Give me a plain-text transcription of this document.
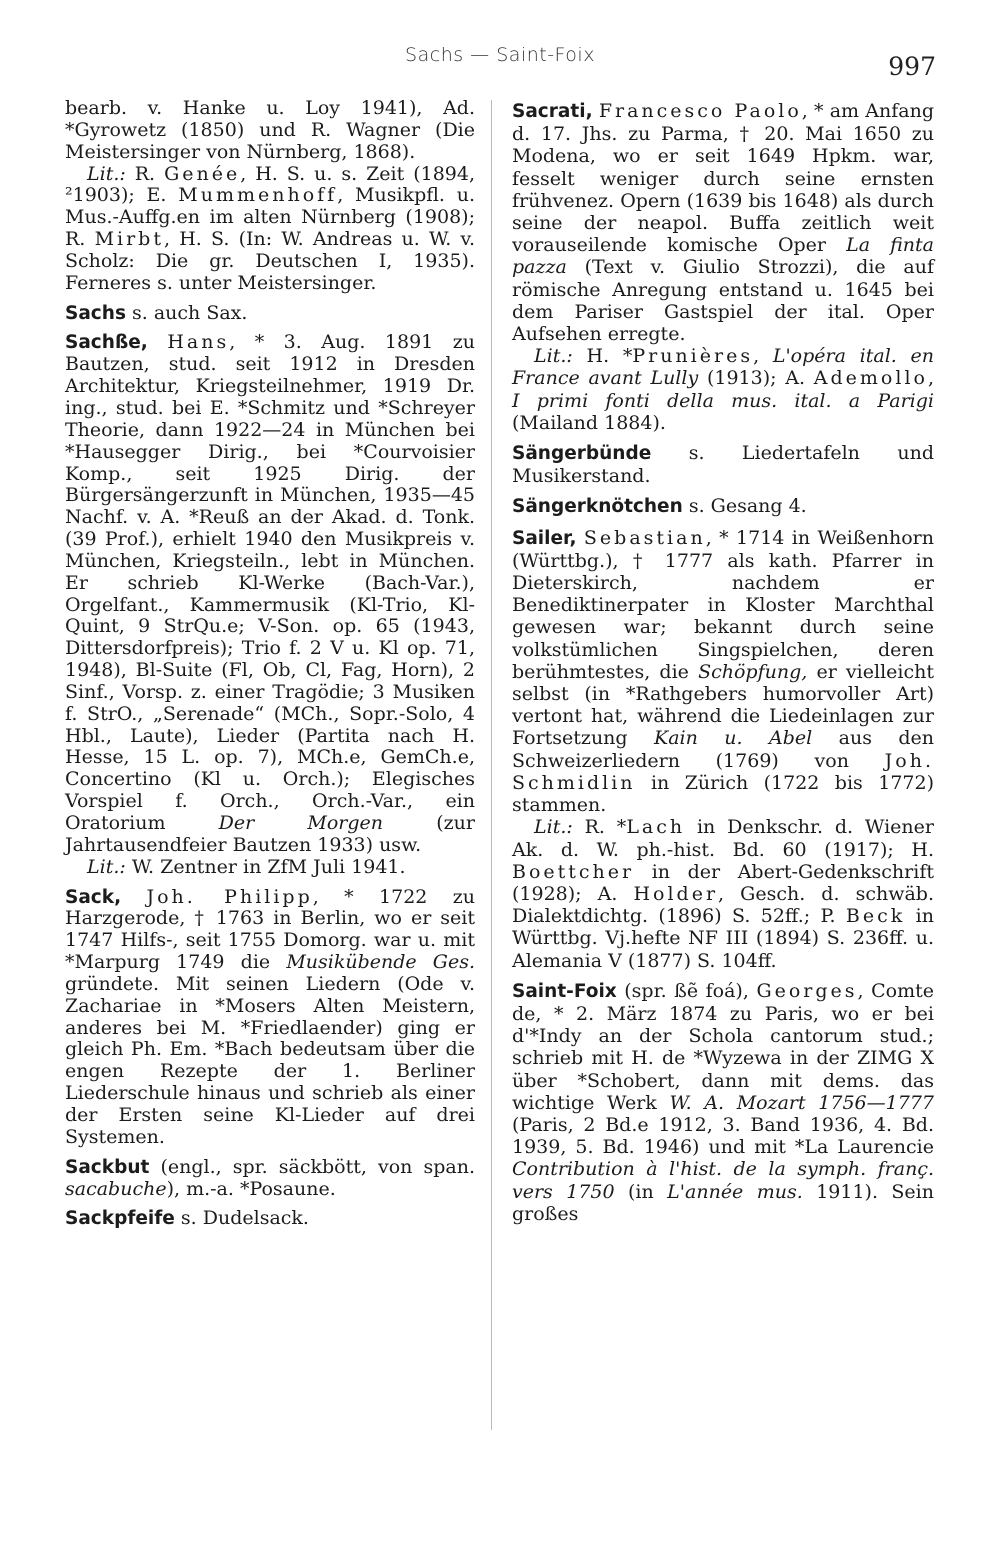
Sachs — Saint-Foix	997

bearb. v. Hanke u. Loy 1941), Ad. *Gyrowetz (1850) und R. Wagner (Die Meistersinger von Nürnberg, 1868).

Lit.: R. Genée, H. S. u. s. Zeit (1894, ²1903); E. Mummenhoff, Musikpfl. u. Mus.-Auffg.en im alten Nürnberg (1908); R. Mirbt, H. S. (In: W. Andreas u. W. v. Scholz: Die gr. Deutschen I, 1935). Ferneres s. unter Meistersinger.

Sachs s. auch Sax.

Sachße, Hans, * 3. Aug. 1891 zu Bautzen, stud. seit 1912 in Dresden Architektur, Kriegsteilnehmer, 1919 Dr. ing., stud. bei E. *Schmitz und *Schreyer Theorie, dann 1922—24 in München bei *Hausegger Dirig., bei *Courvoisier Komp., seit 1925 Dirig. der Bürgersängerzunft in München, 1935—45 Nachf. v. A. *Reuß an der Akad. d. Tonk. (39 Prof.), erhielt 1940 den Musikpreis v. München, Kriegsteiln., lebt in München. Er schrieb Kl-Werke (Bach-Var.), Orgelfant., Kammermusik (Kl-Trio, Kl-Quint, 9 StrQu.e; V-Son. op. 65 (1943, Dittersdorfpreis); Trio f. 2 V u. Kl op. 71, 1948), Bl-Suite (Fl, Ob, Cl, Fag, Horn), 2 Sinf., Vorsp. z. einer Tragödie; 3 Musiken f. StrO., „Serenade“ (MCh., Sopr.-Solo, 4 Hbl., Laute), Lieder (Partita nach H. Hesse, 15 L. op. 7), MCh.e, GemCh.e, Concertino (Kl u. Orch.); Elegisches Vorspiel f. Orch., Orch.-Var., ein Oratorium	Der Morgen	(zur Jahrtausendfeier Bautzen 1933) usw.

Lit.: W. Zentner in ZfM Juli 1941.

Sack, Joh. Philipp, * 1722 zu Harzgerode, † 1763 in Berlin, wo er seit 1747 Hilfs-, seit 1755 Domorg. war u. mit *Marpurg 1749 die Musikübende Ges. gründete. Mit seinen Liedern (Ode v. Zachariae in *Mosers Alten Meistern, anderes bei M. *Friedlaender) ging er gleich Ph. Em. *Bach bedeutsam über die engen Rezepte der 1. Berliner Liederschule hinaus und schrieb als einer der Ersten seine Kl-Lieder auf drei Systemen.

Sackbut (engl., spr. säckbött, von span. sacabuche), m.-a. *Posaune.

Sackpfeife s. Dudelsack.

Sacrati, Francesco Paolo, * am Anfang d. 17. Jhs. zu Parma, † 20. Mai 1650 zu Modena, wo er seit 1649 Hpkm. war, fesselt weniger durch seine ernsten frühvenez. Opern (1639 bis 1648) als durch seine der neapol. Buffa zeitlich weit vorauseilende komische Oper La finta pazza (Text v. Giulio Strozzi), die auf römische Anregung entstand u. 1645 bei dem Pariser Gastspiel der ital. Oper Aufsehen erregte.

Lit.: H. *Prunières, L'opéra ital. en France avant Lully (1913); A. Ademollo, I primi fonti della mus. ital. a Parigi (Mailand 1884).

Sängerbünde s. Liedertafeln und Musikerstand.

Sängerknötchen s. Gesang 4.

Sailer, Sebastian, * 1714 in Weißenhorn (Württbg.), † 1777 als kath. Pfarrer in Dieterskirch, nachdem er Benediktinerpater in Kloster Marchthal gewesen war; bekannt durch seine volkstümlichen Singspielchen, deren berühmtestes, die Schöpfung, er vielleicht selbst (in *Rathgebers humorvoller Art) vertont hat, während die Liedeinlagen zur Fortsetzung Kain u. Abel aus den Schweizerliedern (1769) von Joh. Schmidlin in Zürich (1722 bis 1772) stammen.

Lit.: R. *Lach in Denkschr. d. Wiener Ak. d. W. ph.-hist. Bd. 60 (1917); H. Boettcher in der Abert-Gedenkschrift (1928); A. Holder, Gesch. d. schwäb. Dialektdichtg. (1896) S. 52ff.; P. Beck in Württbg. Vj.hefte NF III (1894) S. 236ff. u. Alemania V (1877) S. 104ff.

Saint-Foix (spr. ßẽ foá), Georges, Comte de, * 2. März 1874 zu Paris, wo er bei d'*Indy an der Schola cantorum stud.; schrieb mit H. de *Wyzewa in der ZIMG X über *Schobert, dann mit dems. das wichtige Werk W. A. Mozart 1756—1777 (Paris, 2 Bd.e 1912, 3. Band 1936, 4. Bd. 1939, 5. Bd. 1946) und mit *La Laurencie Contribution à l'hist. de la symph. franç. vers 1750 (in L'année mus. 1911). Sein großes
